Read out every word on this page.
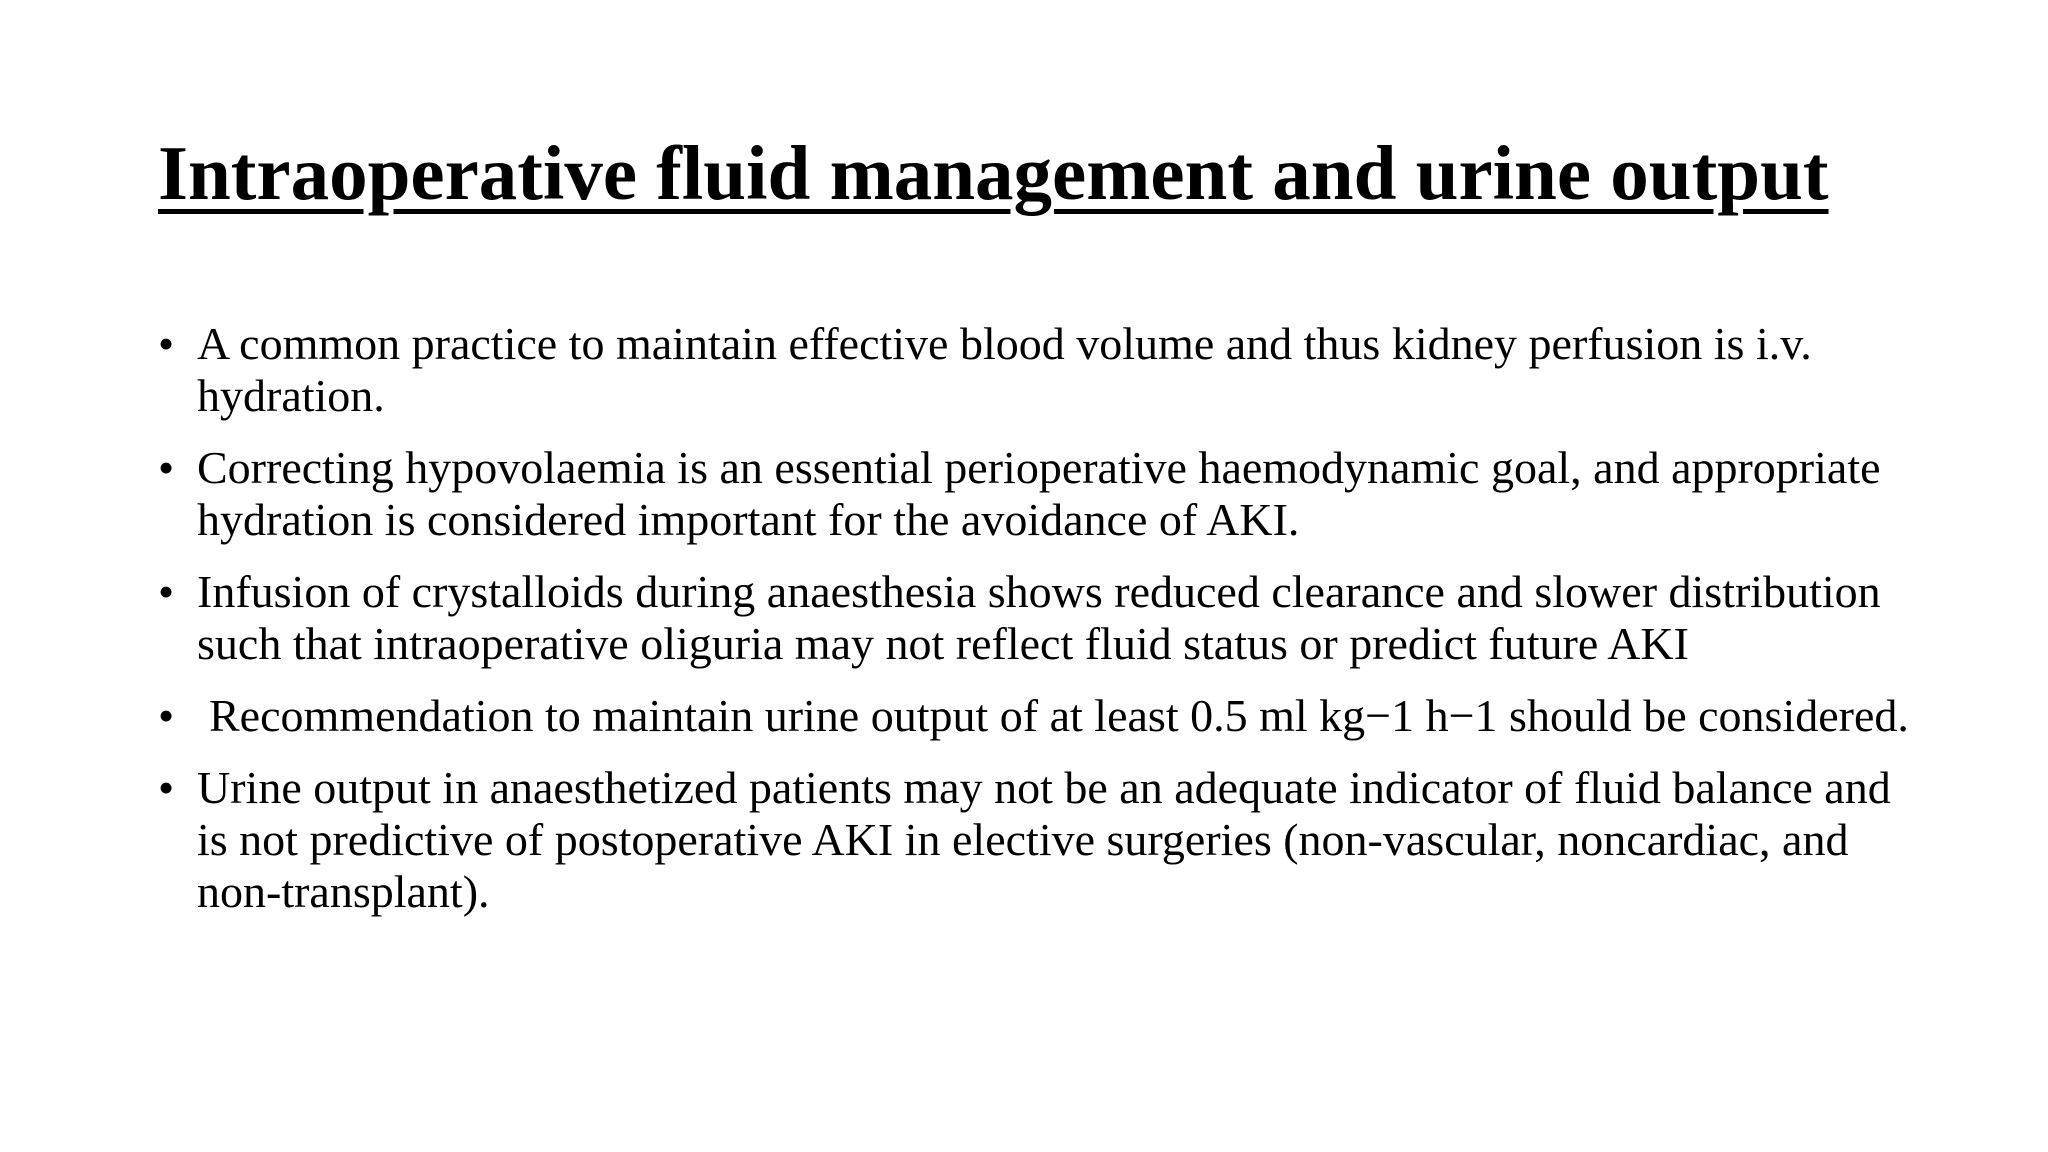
Intraoperative fluid management and urine output
• A common practice to maintain effective blood volume and thus kidney perfusion is i.v. hydration.
• Correcting hypovolaemia is an essential perioperative haemodynamic goal, and appropriate hydration is considered important for the avoidance of AKI.
• Infusion of crystalloids during anaesthesia shows reduced clearance and slower distribution such that intraoperative oliguria may not reflect fluid status or predict future AKI
• Recommendation to maintain urine output of at least 0.5 ml kg−1 h−1 should be considered.
• Urine output in anaesthetized patients may not be an adequate indicator of fluid balance and is not predictive of postoperative AKI in elective surgeries (non-vascular, noncardiac, and non-transplant).
